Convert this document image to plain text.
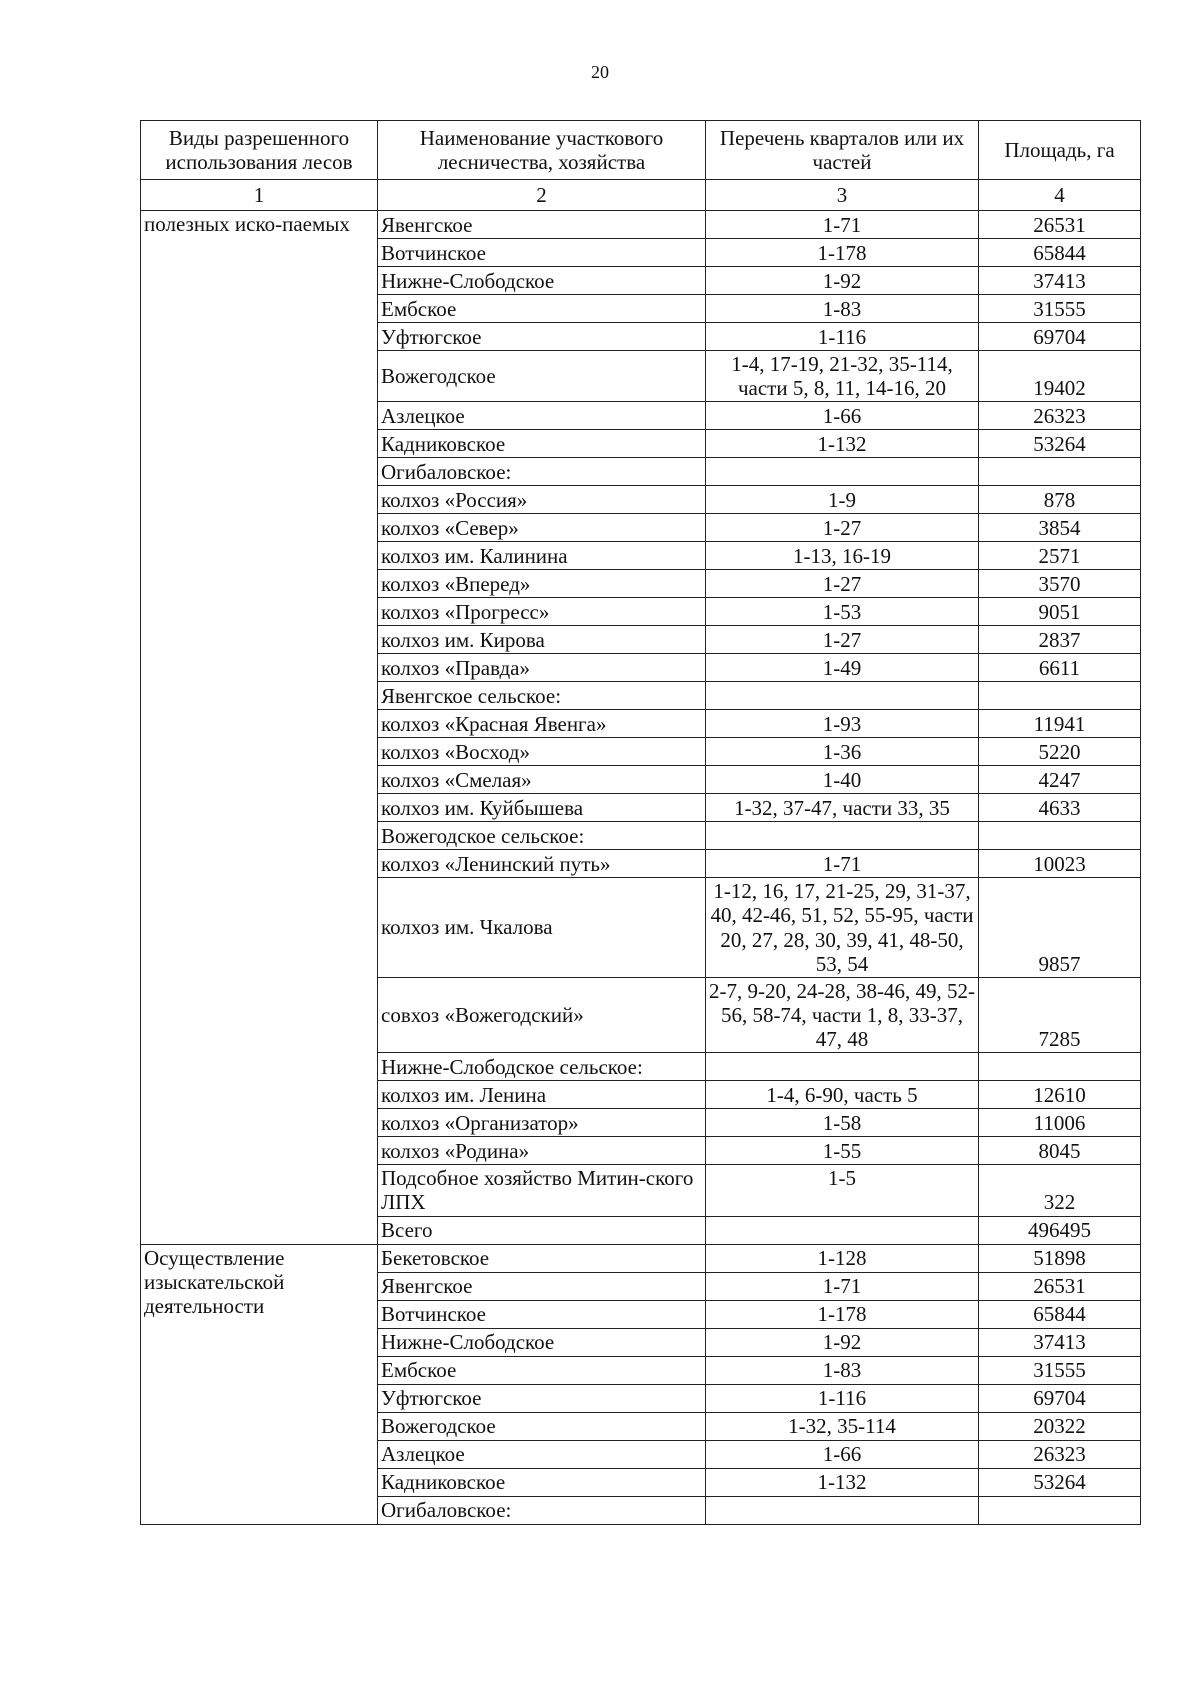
20
Виды разрешенного использования лесов	Наименование участкового лесничества, хозяйства	Перечень кварталов или их частей	Площадь, га
1	2	3	4
полезных иско-паемых	Явенгское	1-71	26531
	Вотчинское	1-178	65844
	Нижне-Слободское	1-92	37413
	Ембское	1-83	31555
	Уфтюгское	1-116	69704
	Вожегодское	1-4, 17-19, 21-32, 35-114, части 5, 8, 11, 14-16, 20	19402
	Азлецкое	1-66	26323
	Кадниковское	1-132	53264
	Огибаловское:		
	колхоз «Россия»	1-9	878
	колхоз «Север»	1-27	3854
	колхоз им. Калинина	1-13, 16-19	2571
	колхоз «Вперед»	1-27	3570
	колхоз «Прогресс»	1-53	9051
	колхоз им. Кирова	1-27	2837
	колхоз «Правда»	1-49	6611
	Явенгское сельское:		
	колхоз «Красная Явенга»	1-93	11941
	колхоз «Восход»	1-36	5220
	колхоз «Смелая»	1-40	4247
	колхоз им. Куйбышева	1-32, 37-47, части 33, 35	4633
	Вожегодское сельское:		
	колхоз «Ленинский путь»	1-71	10023
	колхоз им. Чкалова	1-12, 16, 17, 21-25, 29, 31-37, 40, 42-46, 51, 52, 55-95, части 20, 27, 28, 30, 39, 41, 48-50, 53, 54	9857
	совхоз «Вожегодский»	2-7, 9-20, 24-28, 38-46, 49, 52-56, 58-74, части 1, 8, 33-37, 47, 48	7285
	Нижне-Слободское сельское:		
	колхоз им. Ленина	1-4, 6-90, часть 5	12610
	колхоз «Организатор»	1-58	11006
	колхоз «Родина»	1-55	8045
	Подсобное хозяйство Митин-ского ЛПХ	1-5	322
	Всего		496495
Осуществление изыскательской деятельности	Бекетовское	1-128	51898
	Явенгское	1-71	26531
	Вотчинское	1-178	65844
	Нижне-Слободское	1-92	37413
	Ембское	1-83	31555
	Уфтюгское	1-116	69704
	Вожегодское	1-32, 35-114	20322
	Азлецкое	1-66	26323
	Кадниковское	1-132	53264
	Огибаловское:		
